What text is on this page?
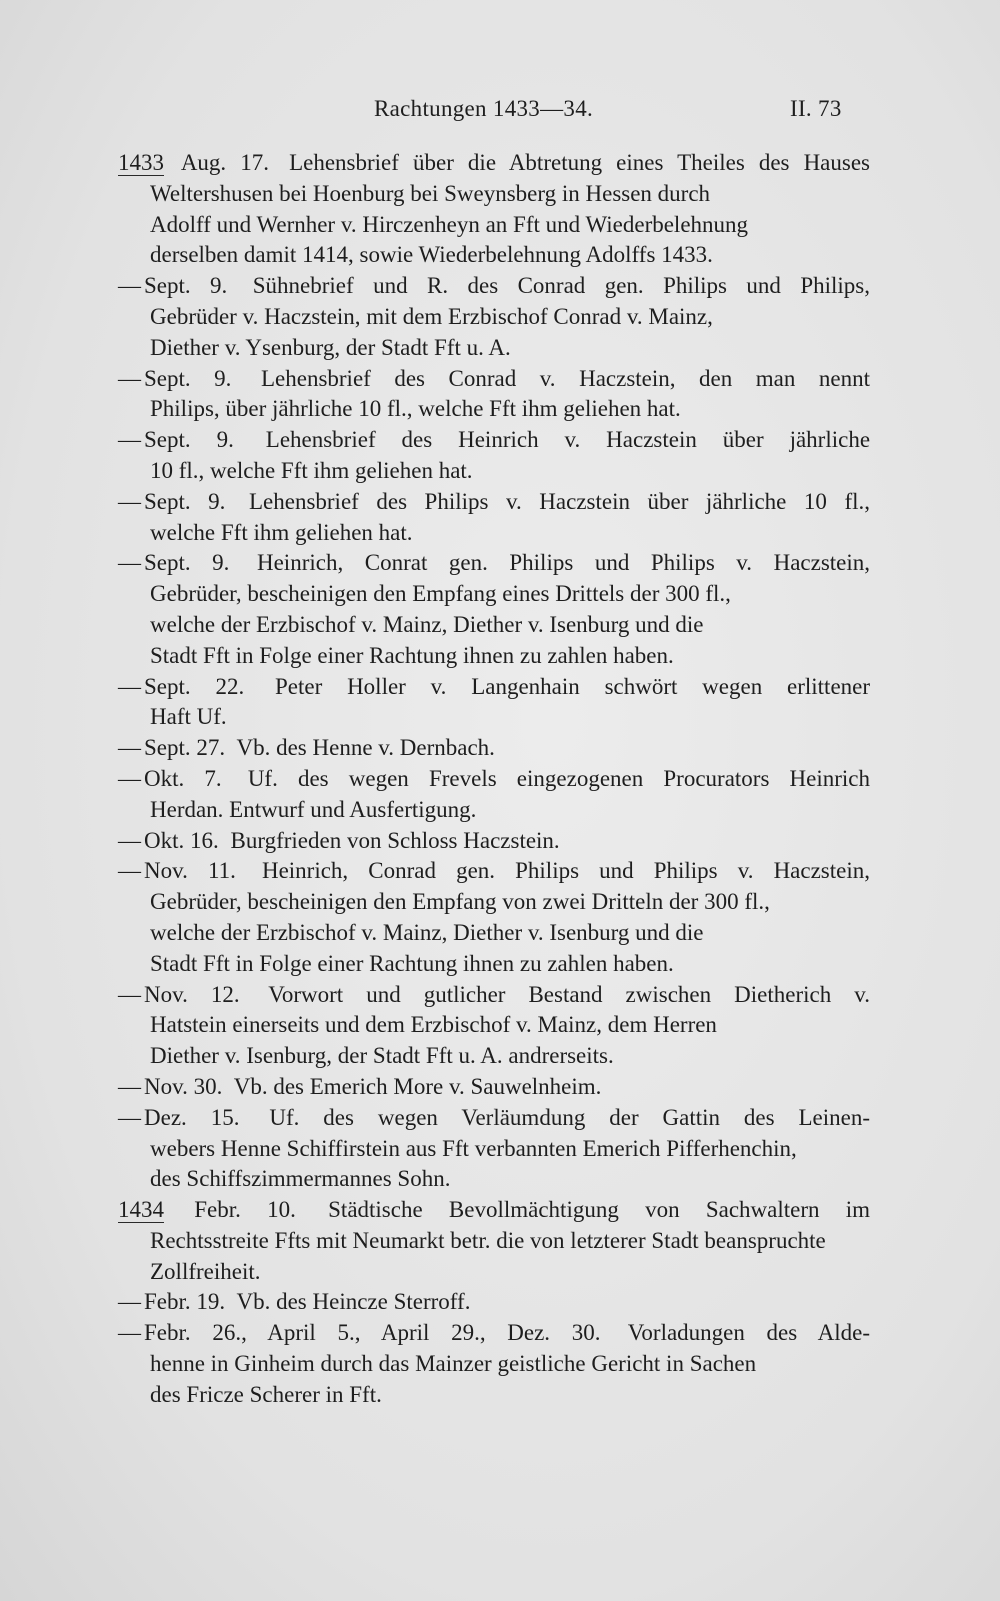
Rachtungen 1433—34.	II. 73
1433 Aug. 17. Lehensbrief über die Abtretung eines Theiles des Hauses
Weltershusen bei Hoenburg bei Sweynsberg in Hessen durch
Adolff und Wernher v. Hirczenheyn an Fft und Wiederbelehnung
derselben damit 1414, sowie Wiederbelehnung Adolffs 1433.
— Sept. 9. Sühnebrief und R. des Conrad gen. Philips und Philips,
Gebrüder v. Haczstein, mit dem Erzbischof Conrad v. Mainz,
Diether v. Ysenburg, der Stadt Fft u. A.
— Sept. 9. Lehensbrief des Conrad v. Haczstein, den man nennt
Philips, über jährliche 10 fl., welche Fft ihm geliehen hat.
— Sept. 9. Lehensbrief des Heinrich v. Haczstein über jährliche
10 fl., welche Fft ihm geliehen hat.
— Sept. 9. Lehensbrief des Philips v. Haczstein über jährliche 10 fl.,
welche Fft ihm geliehen hat.
— Sept. 9. Heinrich, Conrat gen. Philips und Philips v. Haczstein,
Gebrüder, bescheinigen den Empfang eines Drittels der 300 fl.,
welche der Erzbischof v. Mainz, Diether v. Isenburg und die
Stadt Fft in Folge einer Rachtung ihnen zu zahlen haben.
— Sept. 22. Peter Holler v. Langenhain schwört wegen erlittener
Haft Uf.
— Sept. 27. Vb. des Henne v. Dernbach.
— Okt. 7. Uf. des wegen Frevels eingezogenen Procurators Heinrich
Herdan. Entwurf und Ausfertigung.
— Okt. 16. Burgfrieden von Schloss Haczstein.
— Nov. 11. Heinrich, Conrad gen. Philips und Philips v. Haczstein,
Gebrüder, bescheinigen den Empfang von zwei Dritteln der 300 fl.,
welche der Erzbischof v. Mainz, Diether v. Isenburg und die
Stadt Fft in Folge einer Rachtung ihnen zu zahlen haben.
— Nov. 12. Vorwort und gutlicher Bestand zwischen Dietherich v.
Hatstein einerseits und dem Erzbischof v. Mainz, dem Herren
Diether v. Isenburg, der Stadt Fft u. A. andrerseits.
— Nov. 30. Vb. des Emerich More v. Sauwelnheim.
— Dez. 15. Uf. des wegen Verläumdung der Gattin des Leinen-
webers Henne Schiffirstein aus Fft verbannten Emerich Pifferhenchin,
des Schiffszimmermannes Sohn.
1434 Febr. 10. Städtische Bevollmächtigung von Sachwaltern im
Rechtsstreite Ffts mit Neumarkt betr. die von letzterer Stadt beanspruchte
Zollfreiheit.
— Febr. 19. Vb. des Heincze Sterroff.
— Febr. 26., April 5., April 29., Dez. 30. Vorladungen des Alde-
henne in Ginheim durch das Mainzer geistliche Gericht in Sachen
des Fricze Scherer in Fft.
